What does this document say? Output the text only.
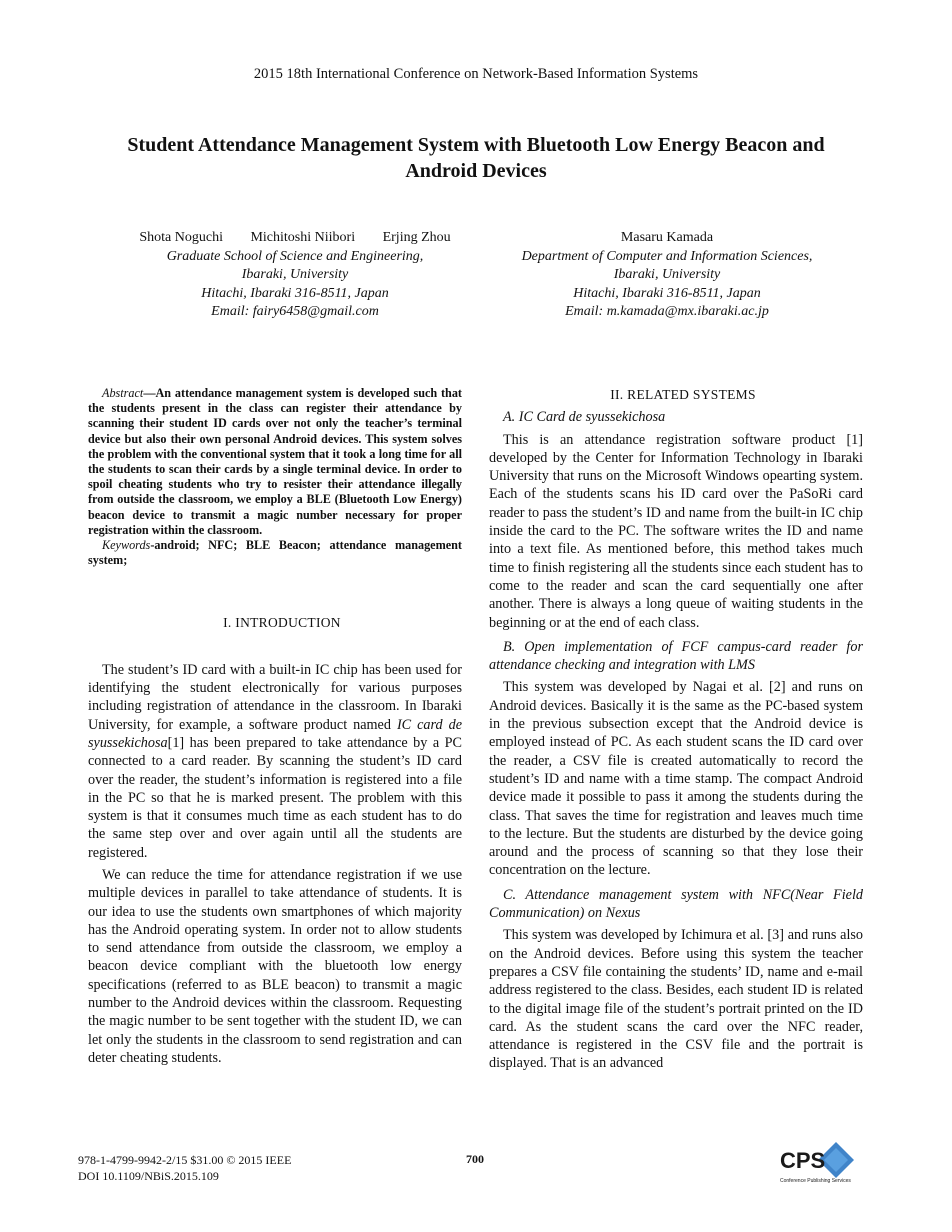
2015 18th International Conference on Network-Based Information Systems
Student Attendance Management System with Bluetooth Low Energy Beacon and
Android Devices
Shota Noguchi Michitoshi Niibori Erjing Zhou
Graduate School of Science and Engineering,
Ibaraki, University
Hitachi, Ibaraki 316-8511, Japan
Email: fairy6458@gmail.com
Masaru Kamada
Department of Computer and Information Sciences,
Ibaraki, University
Hitachi, Ibaraki 316-8511, Japan
Email: m.kamada@mx.ibaraki.ac.jp

Abstract—An attendance management system is developed such that the students present in the class can register their attendance by scanning their student ID cards over not only the teacher’s terminal device but also their own personal Android devices. This system solves the problem with the conventional system that it took a long time for all the students to scan their cards by a single terminal device. In order to spoil cheating students who try to resister their attendance illegally from outside the classroom, we employ a BLE (Bluetooth Low Energy) beacon device to transmit a magic number necessary for proper registration within the classroom.

Keywords-android; NFC; BLE Beacon; attendance management system;

I. INTRODUCTION

The student’s ID card with a built-in IC chip has been used for identifying the student electronically for various purposes including registration of attendance in the classroom. In Ibaraki University, for example, a software product named IC card de syussekichosa[1] has been prepared to take attendance by a PC connected to a card reader. By scanning the student’s ID card over the reader, the student’s information is registered into a file in the PC so that he is marked present. The problem with this system is that it consumes much time as each student has to do the same step over and over again until all the students are registered.

We can reduce the time for attendance registration if we use multiple devices in parallel to take attendance of students. It is our idea to use the students own smartphones of which majority has the Android operating system. In order not to allow students to send attendance from outside the classroom, we employ a beacon device compliant with the bluetooth low energy specifications (referred to as BLE beacon) to transmit a magic number to the Android devices within the classroom. Requesting the magic number to be sent together with the student ID, we can let only the students in the classroom to send registration and can deter cheating students.

II. RELATED SYSTEMS

A. IC Card de syussekichosa

This is an attendance registration software product [1] developed by the Center for Information Technology in Ibaraki University that runs on the Microsoft Windows opearting system. Each of the students scans his ID card over the PaSoRi card reader to pass the student’s ID and name from the built-in IC chip inside the card to the PC. The software writes the ID and name into a text file. As mentioned before, this method takes much time to finish registering all the students since each student has to come to the reader and scan the card sequentially one after another. There is always a long queue of waiting students in the beginning or at the end of each class.

B. Open implementation of FCF campus-card reader for attendance checking and integration with LMS

This system was developed by Nagai et al. [2] and runs on Android devices. Basically it is the same as the PC-based system in the previous subsection except that the Android device is employed instead of PC. As each student scans the ID card over the reader, a CSV file is created automatically to record the student’s ID and name with a time stamp. The compact Android device made it possible to pass it among the students during the class. That saves the time for registration and leaves much time to the lecture. But the students are disturbed by the device going around and the process of scanning so that they lose their concentration on the lecture.

C. Attendance management system with NFC(Near Field Communication) on Nexus

This system was developed by Ichimura et al. [3] and runs also on the Android devices. Before using this system the teacher prepares a CSV file containing the students’ ID, name and e-mail address registered to the class. Besides, each student ID is related to the digital image file of the student’s portrait printed on the ID card. As the student scans the card over the NFC reader, attendance is registered in the CSV file and the portrait is displayed. That is an advanced

978-1-4799-9942-2/15 $31.00 © 2015 IEEE
DOI 10.1109/NBiS.2015.109
700	CPS
Conference Publishing Services
